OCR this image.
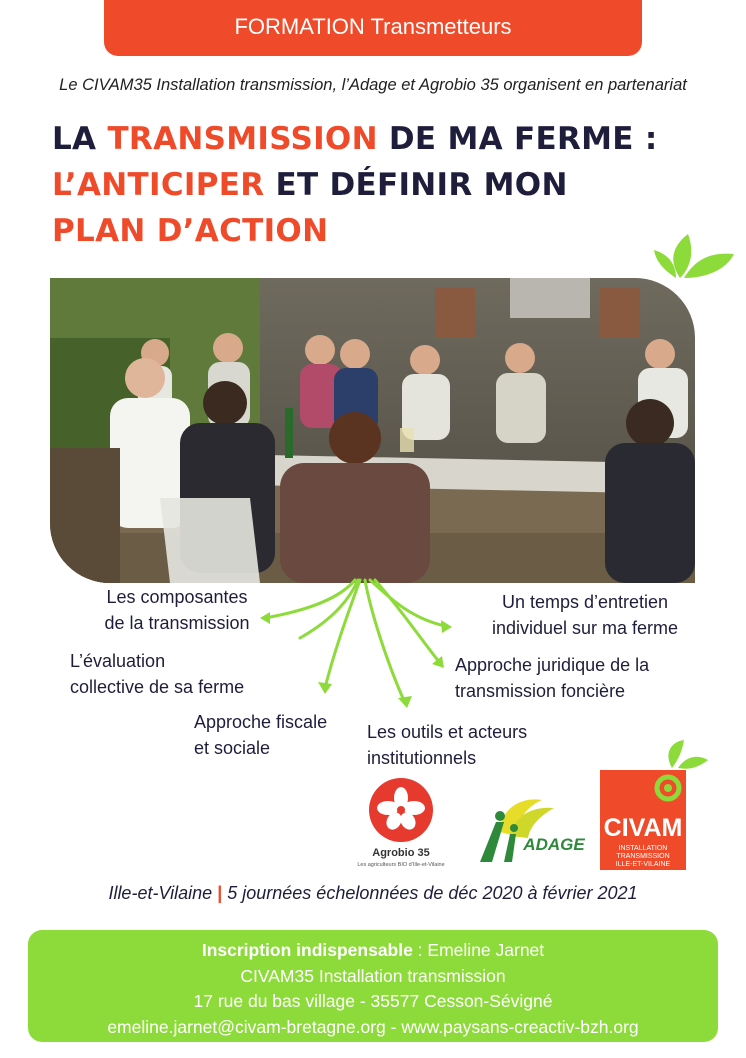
FORMATION Transmetteurs
Le CIVAM35 Installation transmission, l’Adage et Agrobio 35 organisent en partenariat
LA TRANSMISSION DE MA FERME :
L’ANTICIPER ET DÉFINIR MON
PLAN D’ACTION
Les composantes
de la transmission
L’évaluation
collective de sa ferme
Approche fiscale
et sociale
Les outils et acteurs
institutionnels
Un temps d’entretien
individuel sur ma ferme
Approche juridique de la
transmission foncière
Agrobio 35
Les agriculteurs BIO d’Ille-et-Vilaine
ADAGE
CIVAM
INSTALLATION
TRANSMISSION
ILLE-ET-VILAINE
Ille-et-Vilaine | 5 journées échelonnées de déc 2020 à février 2021
Inscription indispensable : Emeline Jarnet
CIVAM35 Installation transmission
17 rue du bas village - 35577 Cesson-Sévigné
emeline.jarnet@civam-bretagne.org - www.paysans-creactiv-bzh.org
